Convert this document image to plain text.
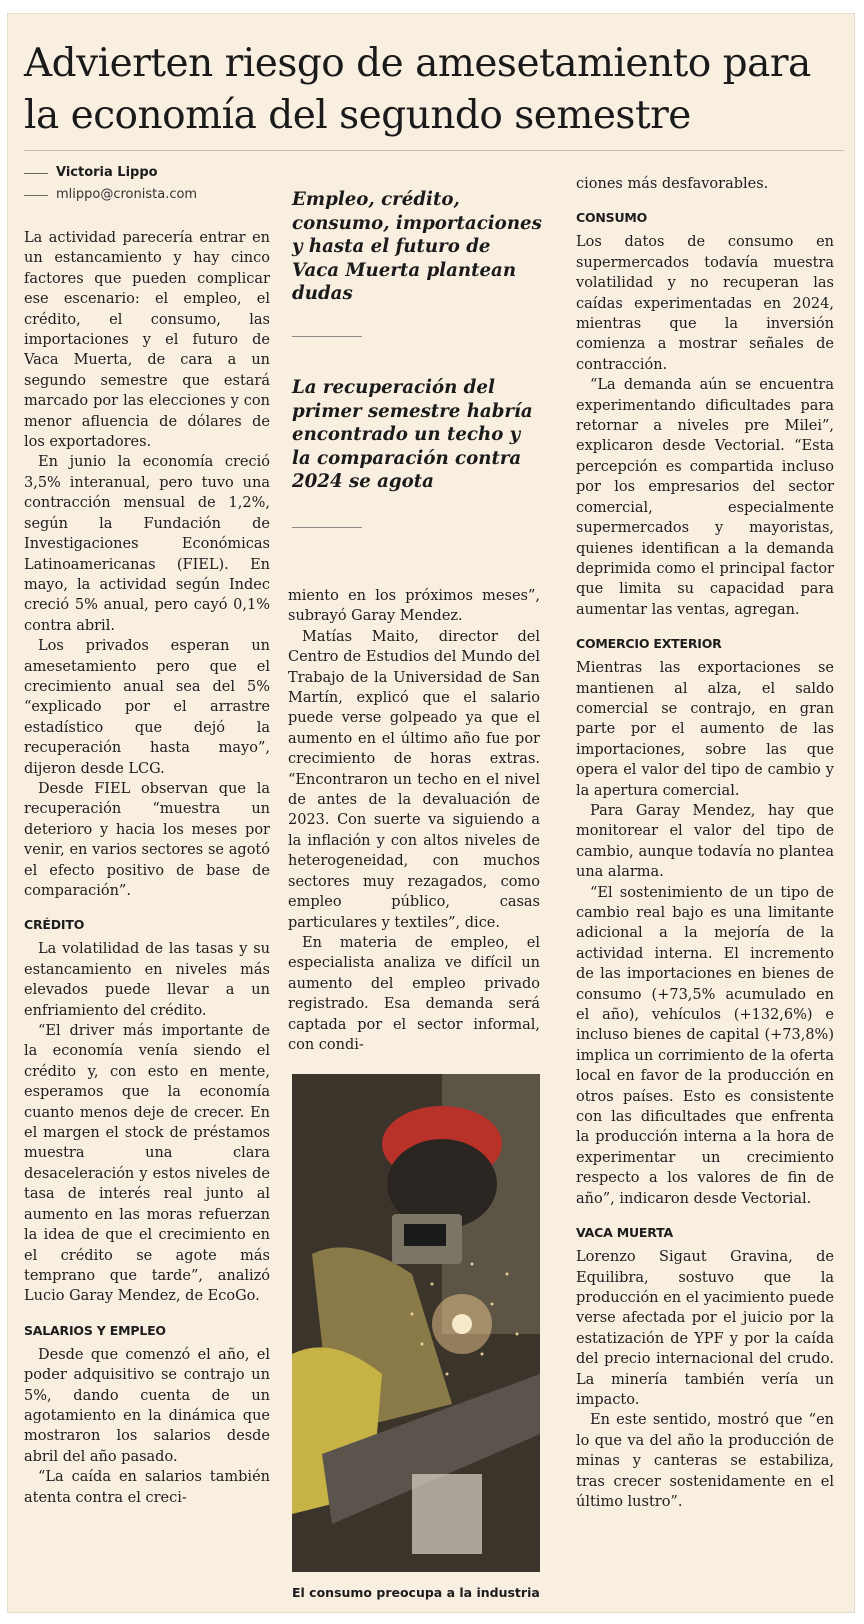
Advierten riesgo de amesetamiento para la economía del segundo semestre
Victoria Lippo
mlippo@cronista.com

La actividad parecería entrar en un estancamiento y hay cinco factores que pueden complicar ese escenario: el empleo, el crédito, el consumo, las importaciones y el futuro de Vaca Muerta, de cara a un segundo semestre que estará marcado por las elecciones y con menor afluencia de dólares de los exportadores.

En junio la economía creció 3,5% interanual, pero tuvo una contracción mensual de 1,2%, según la Fundación de Investigaciones Económicas Latinoamericanas (FIEL). En mayo, la actividad según Indec creció 5% anual, pero cayó 0,1% contra abril.

Los privados esperan un amesetamiento pero que el crecimiento anual sea del 5% “explicado por el arrastre estadístico que dejó la recuperación hasta mayo”, dijeron desde LCG.

Desde FIEL observan que la recuperación “muestra un deterioro y hacia los meses por venir, en varios sectores se agotó el efecto positivo de base de comparación”.

CRÉDITO

La volatilidad de las tasas y su estancamiento en niveles más elevados puede llevar a un enfriamiento del crédito.

“El driver más importante de la economía venía siendo el crédito y, con esto en mente, esperamos que la economía cuanto menos deje de crecer. En el margen el stock de préstamos muestra una clara desaceleración y estos niveles de tasa de interés real junto al aumento en las moras refuerzan la idea de que el crecimiento en el crédito se agote más temprano que tarde”, analizó Lucio Garay Mendez, de EcoGo.

SALARIOS Y EMPLEO

Desde que comenzó el año, el poder adquisitivo se contrajo un 5%, dando cuenta de un agotamiento en la dinámica que mostraron los salarios desde abril del año pasado.

“La caída en salarios también atenta contra el creci-

Empleo, crédito, consumo, importaciones y hasta el futuro de Vaca Muerta plantean dudas
La recuperación del primer semestre habría encontrado un techo y la comparación contra 2024 se agota

miento en los próximos meses”, subrayó Garay Mendez.

Matías Maito, director del Centro de Estudios del Mundo del Trabajo de la Universidad de San Martín, explicó que el salario puede verse golpeado ya que el aumento en el último año fue por crecimiento de horas extras. “Encontraron un techo en el nivel de antes de la devaluación de 2023. Con suerte va siguiendo a la inflación y con altos niveles de heterogeneidad, con muchos sectores muy rezagados, como empleo público, casas particulares y textiles”, dice.

En materia de empleo, el especialista analiza ve difícil un aumento del empleo privado registrado. Esa demanda será captada por el sector informal, con condi-

El consumo preocupa a la industria

ciones más desfavorables.

CONSUMO

Los datos de consumo en supermercados todavía muestra volatilidad y no recuperan las caídas experimentadas en 2024, mientras que la inversión comienza a mostrar señales de contracción.

“La demanda aún se encuentra experimentando dificultades para retornar a niveles pre Milei”, explicaron desde Vectorial. “Esta percepción es compartida incluso por los empresarios del sector comercial, especialmente supermercados y mayoristas, quienes identifican a la demanda deprimida como el principal factor que limita su capacidad para aumentar las ventas, agregan.

COMERCIO EXTERIOR

Mientras las exportaciones se mantienen al alza, el saldo comercial se contrajo, en gran parte por el aumento de las importaciones, sobre las que opera el valor del tipo de cambio y la apertura comercial.

Para Garay Mendez, hay que monitorear el valor del tipo de cambio, aunque todavía no plantea una alarma.

“El sostenimiento de un tipo de cambio real bajo es una limitante adicional a la mejoría de la actividad interna. El incremento de las importaciones en bienes de consumo (+73,5% acumulado en el año), vehículos (+132,6%) e incluso bienes de capital (+73,8%) implica un corrimiento de la oferta local en favor de la producción en otros países. Esto es consistente con las dificultades que enfrenta la producción interna a la hora de experimentar un crecimiento respecto a los valores de fin de año”, indicaron desde Vectorial.

VACA MUERTA

Lorenzo Sigaut Gravina, de Equilibra, sostuvo que la producción en el yacimiento puede verse afectada por el juicio por la estatización de YPF y por la caída del precio internacional del crudo. La minería también vería un impacto.

En este sentido, mostró que “en lo que va del año la producción de minas y canteras se estabiliza, tras crecer sostenidamente en el último lustro”.
